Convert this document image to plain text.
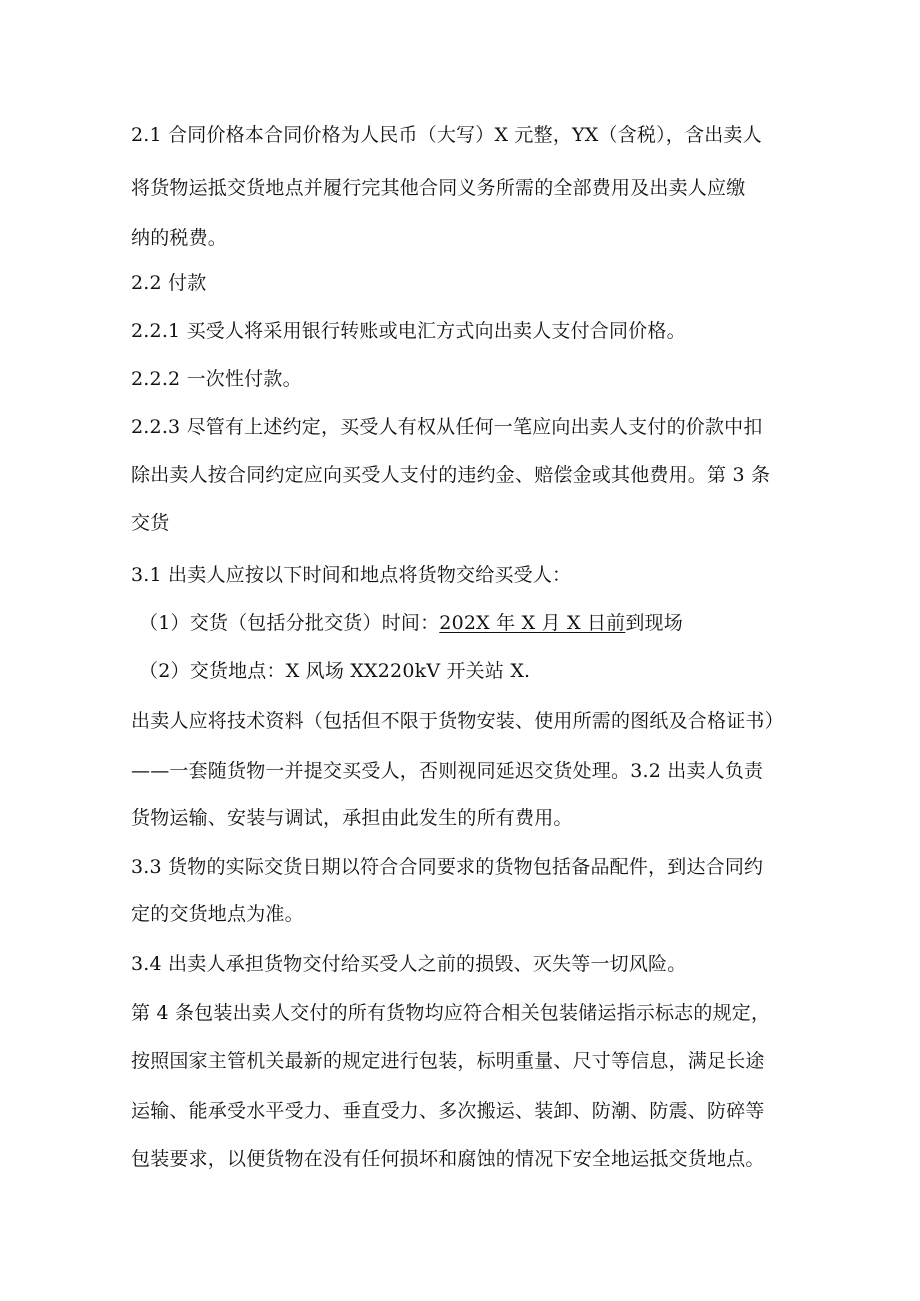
2.1 合同价格本合同价格为人民币（大写）X 元整，YX（含税），含出卖人

将货物运抵交货地点并履行完其他合同义务所需的全部费用及出卖人应缴

纳的税费。

2.2 付款

2.2.1 买受人将采用银行转账或电汇方式向出卖人支付合同价格。

2.2.2 一次性付款。

2.2.3 尽管有上述约定，买受人有权从任何一笔应向出卖人支付的价款中扣

除出卖人按合同约定应向买受人支付的违约金、赔偿金或其他费用。第 3 条

交货

3.1 出卖人应按以下时间和地点将货物交给买受人：

（1）交货（包括分批交货）时间：202X 年 X 月 X 日前到现场

（2）交货地点：X 风场 XX220kV 开关站 X.

出卖人应将技术资料（包括但不限于货物安装、使用所需的图纸及合格证书）

——一套随货物一并提交买受人，否则视同延迟交货处理。3.2 出卖人负责

货物运输、安装与调试，承担由此发生的所有费用。

3.3 货物的实际交货日期以符合合同要求的货物包括备品配件，到达合同约

定的交货地点为准。

3.4 出卖人承担货物交付给买受人之前的损毁、灭失等一切风险。

第 4 条包装出卖人交付的所有货物均应符合相关包装储运指示标志的规定，

按照国家主管机关最新的规定进行包装，标明重量、尺寸等信息，满足长途

运输、能承受水平受力、垂直受力、多次搬运、装卸、防潮、防震、防碎等

包装要求，以便货物在没有任何损坏和腐蚀的情况下安全地运抵交货地点。
